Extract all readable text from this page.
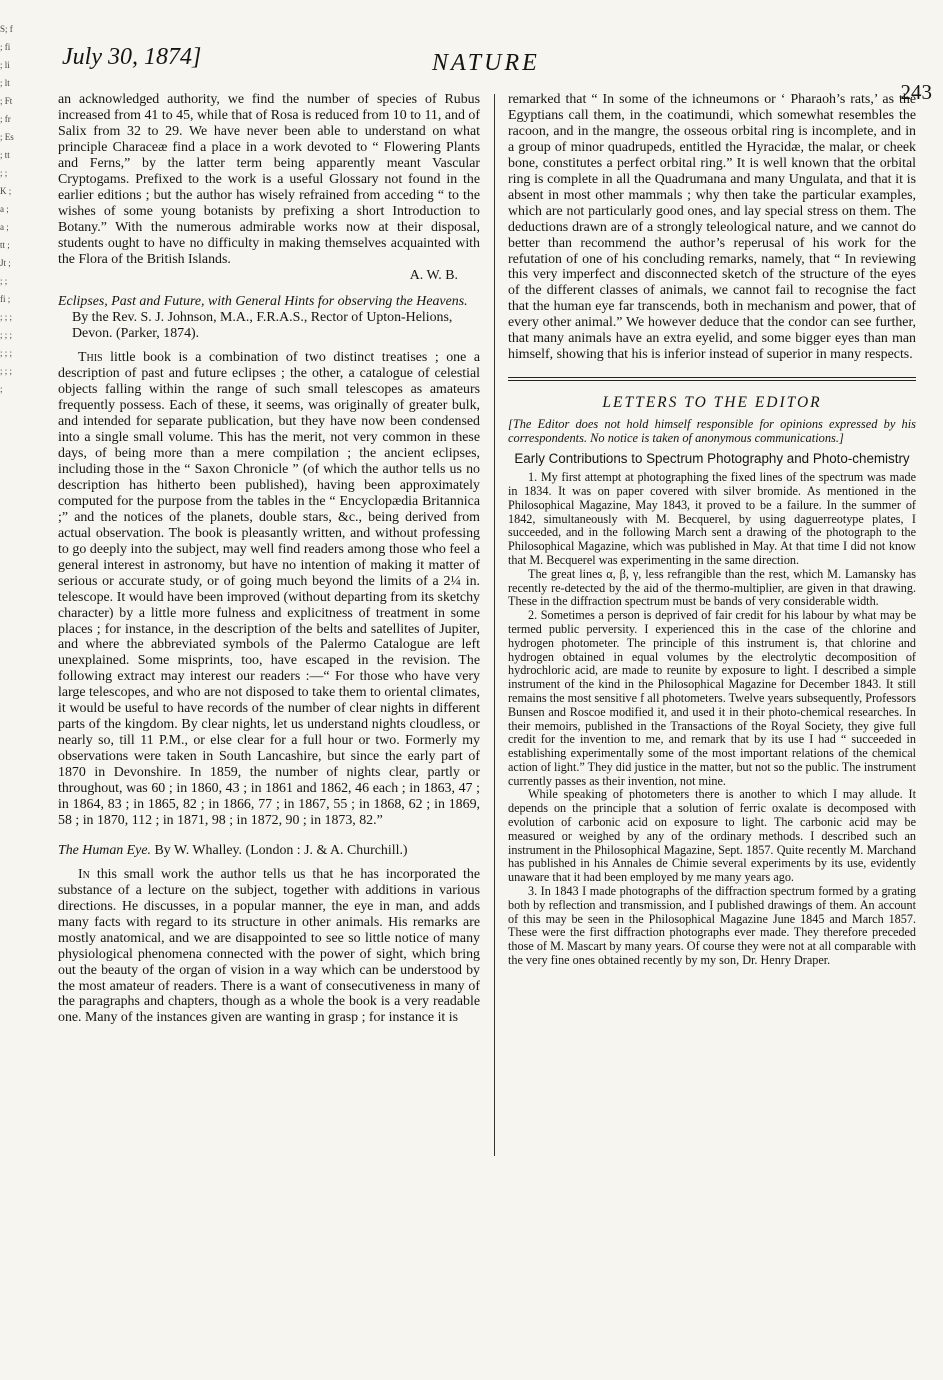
S; f ; fi ; li ; lt ; Ft ; fr ; Es ; tt ; ; K ; a ; a ; tt ; Jt ; ; ; fi ; ; ; ; ; ; ; ; ; ; ; ; ; ;
July 30, 1874]	NATURE
243

an acknowledged authority, we find the number of species of Rubus increased from 41 to 45, while that of Rosa is reduced from 10 to 11, and of Salix from 32 to 29. We have never been able to understand on what principle Characeæ find a place in a work devoted to “ Flowering Plants and Ferns,” by the latter term being apparently meant Vascular Cryptogams. Prefixed to the work is a useful Glossary not found in the earlier editions ; but the author has wisely refrained from acceding “ to the wishes of some young botanists by prefixing a short Introduction to Botany.” With the numerous admirable works now at their disposal, students ought to have no difficulty in making themselves acquainted with the Flora of the British Islands.

A. W. B.

Eclipses, Past and Future, with General Hints for observing the Heavens. By the Rev. S. J. Johnson, M.A., F.R.A.S., Rector of Upton-Helions, Devon. (Parker, 1874).

This little book is a combination of two distinct treatises ; one a description of past and future eclipses ; the other, a catalogue of celestial objects falling within the range of such small telescopes as amateurs frequently possess. Each of these, it seems, was originally of greater bulk, and intended for separate publication, but they have now been condensed into a single small volume. This has the merit, not very common in these days, of being more than a mere compilation ; the ancient eclipses, including those in the “ Saxon Chronicle ” (of which the author tells us no description has hitherto been published), having been approximately computed for the purpose from the tables in the “ Encyclopædia Britannica ;” and the notices of the planets, double stars, &c., being derived from actual observation. The book is pleasantly written, and without professing to go deeply into the subject, may well find readers among those who feel a general interest in astronomy, but have no intention of making it matter of serious or accurate study, or of going much beyond the limits of a 2¼ in. telescope. It would have been improved (without departing from its sketchy character) by a little more fulness and explicitness of treatment in some places ; for instance, in the description of the belts and satellites of Jupiter, and where the abbreviated symbols of the Palermo Catalogue are left unexplained. Some misprints, too, have escaped in the revision. The following extract may interest our readers :—“ For those who have very large telescopes, and who are not disposed to take them to oriental climates, it would be useful to have records of the number of clear nights in different parts of the kingdom. By clear nights, let us understand nights cloudless, or nearly so, till 11 P.M., or else clear for a full hour or two. Formerly my observations were taken in South Lancashire, but since the early part of 1870 in Devonshire. In 1859, the number of nights clear, partly or throughout, was 60 ; in 1860, 43 ; in 1861 and 1862, 46 each ; in 1863, 47 ; in 1864, 83 ; in 1865, 82 ; in 1866, 77 ; in 1867, 55 ; in 1868, 62 ; in 1869, 58 ; in 1870, 112 ; in 1871, 98 ; in 1872, 90 ; in 1873, 82.”

The Human Eye. By W. Whalley. (London : J. & A. Churchill.)

In this small work the author tells us that he has incorporated the substance of a lecture on the subject, together with additions in various directions. He discusses, in a popular manner, the eye in man, and adds many facts with regard to its structure in other animals. His remarks are mostly anatomical, and we are disappointed to see so little notice of many physiological phenomena connected with the power of sight, which bring out the beauty of the organ of vision in a way which can be understood by the most amateur of readers. There is a want of consecutiveness in many of the paragraphs and chapters, though as a whole the book is a very readable one. Many of the instances given are wanting in grasp ; for instance it is

remarked that “ In some of the ichneumons or ‘ Pharaoh’s rats,’ as the Egyptians call them, in the coatimundi, which somewhat resembles the racoon, and in the mangre, the osseous orbital ring is incomplete, and in a group of minor quadrupeds, entitled the Hyracidæ, the malar, or cheek bone, constitutes a perfect orbital ring.” It is well known that the orbital ring is complete in all the Quadrumana and many Ungulata, and that it is absent in most other mammals ; why then take the particular examples, which are not particularly good ones, and lay special stress on them. The deductions drawn are of a strongly teleological nature, and we cannot do better than recommend the author’s reperusal of his work for the refutation of one of his concluding remarks, namely, that “ In reviewing this very imperfect and disconnected sketch of the structure of the eyes of the different classes of animals, we cannot fail to recognise the fact that the human eye far transcends, both in mechanism and power, that of every other animal.” We however deduce that the condor can see further, that many animals have an extra eyelid, and some bigger eyes than man himself, showing that his is inferior instead of superior in many respects.

LETTERS TO THE EDITOR

[The Editor does not hold himself responsible for opinions expressed by his correspondents. No notice is taken of anonymous communications.]

Early Contributions to Spectrum Photography and Photo-chemistry

1. My first attempt at photographing the fixed lines of the spectrum was made in 1834. It was on paper covered with silver bromide. As mentioned in the Philosophical Magazine, May 1843, it proved to be a failure. In the summer of 1842, simultaneously with M. Becquerel, by using daguerreotype plates, I succeeded, and in the following March sent a drawing of the photograph to the Philosophical Magazine, which was published in May. At that time I did not know that M. Becquerel was experimenting in the same direction.

The great lines α, β, γ, less refrangible than the rest, which M. Lamansky has recently re-detected by the aid of the thermo-multiplier, are given in that drawing. These in the diffraction spectrum must be bands of very considerable width.

2. Sometimes a person is deprived of fair credit for his labour by what may be termed public perversity. I experienced this in the case of the chlorine and hydrogen photometer. The principle of this instrument is, that chlorine and hydrogen obtained in equal volumes by the electrolytic decomposition of hydrochloric acid, are made to reunite by exposure to light. I described a simple instrument of the kind in the Philosophical Magazine for December 1843. It still remains the most sensitive f all photometers. Twelve years subsequently, Professors Bunsen and Roscoe modified it, and used it in their photo-chemical researches. In their memoirs, published in the Transactions of the Royal Society, they give full credit for the invention to me, and remark that by its use I had “ succeeded in establishing experimentally some of the most important relations of the chemical action of light.” They did justice in the matter, but not so the public. The instrument currently passes as their invention, not mine.

While speaking of photometers there is another to which I may allude. It depends on the principle that a solution of ferric oxalate is decomposed with evolution of carbonic acid on exposure to light. The carbonic acid may be measured or weighed by any of the ordinary methods. I described such an instrument in the Philosophical Magazine, Sept. 1857. Quite recently M. Marchand has published in his Annales de Chimie several experiments by its use, evidently unaware that it had been employed by me many years ago.

3. In 1843 I made photographs of the diffraction spectrum formed by a grating both by reflection and transmission, and I published drawings of them. An account of this may be seen in the Philosophical Magazine June 1845 and March 1857. These were the first diffraction photographs ever made. They therefore preceded those of M. Mascart by many years. Of course they were not at all comparable with the very fine ones obtained recently by my son, Dr. Henry Draper.
